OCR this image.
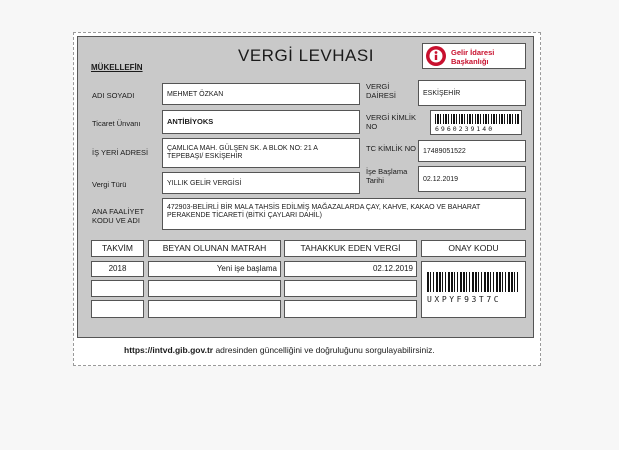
VERGİ LEVHASI
MÜKELLEFİN
Gelir İdaresi
Başkanlığı
ADI SOYADI	MEHMET ÖZKAN
Ticaret Ünvanı	ANTİBİYOKS
İŞ YERİ ADRESİ	ÇAMLICA MAH. GÜLŞEN SK. A BLOK NO: 21 A TEPEBAŞI/ ESKİŞEHİR
Vergi Türü	YILLIK GELİR VERGİSİ
ANA FAALİYET KODU VE ADI
472903-BELİRLİ BİR MALA TAHSİS EDİLMİŞ MAĞAZALARDA ÇAY, KAHVE, KAKAO VE BAHARAT PERAKENDE TİCARETİ (BİTKİ ÇAYLARI DAHİL)
VERGİ DAİRESİ	ESKİŞEHİR
VERGİ KİMLİK NO	6960239140
TC KİMLİK NO 17489051522
İşe Başlama Tarihi	02.12.2019
TAKVİM	BEYAN OLUNAN MATRAH	TAHAKKUK EDEN VERGİ	ONAY KODU
2018	Yeni işe başlama	02.12.2019
UXPYF93T7C
https://intvd.gib.gov.tr adresinden güncelliğini ve doğruluğunu sorgulayabilirsiniz.
